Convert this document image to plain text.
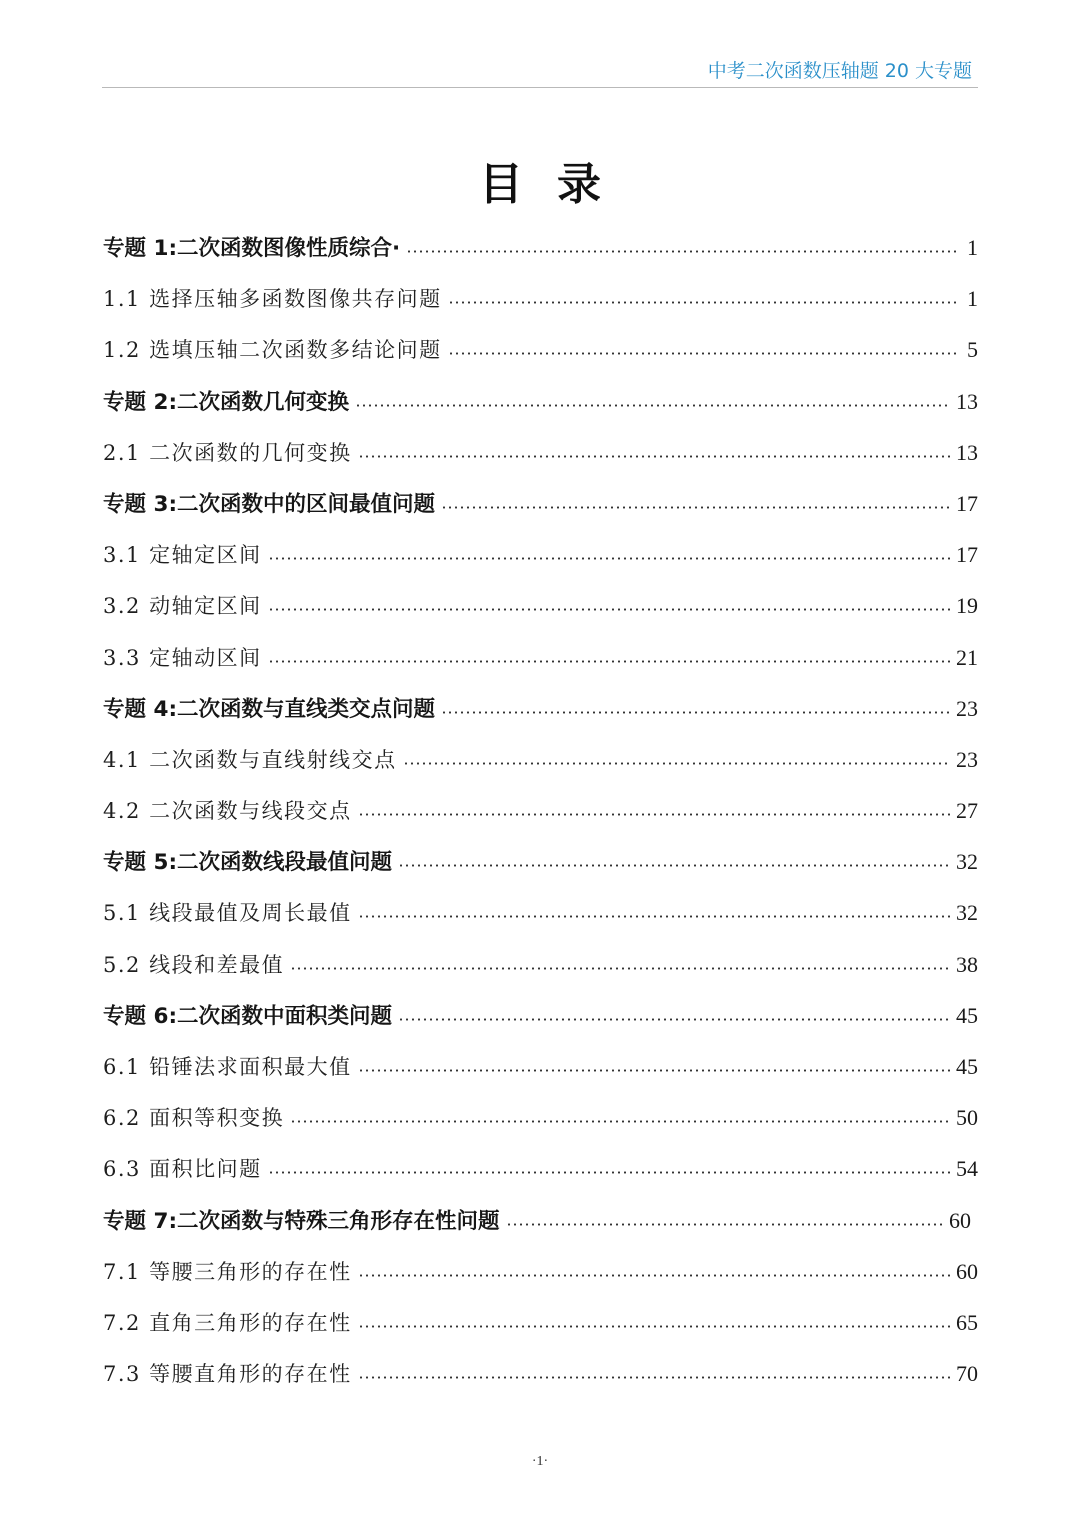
中考二次函数压轴题 20 大专题
目录
专题 1:二次函数图像性质综合·	1
1.1 选择压轴多函数图像共存问题	1
1.2 选填压轴二次函数多结论问题	5
专题 2:二次函数几何变换	13
2.1 二次函数的几何变换	13
专题 3:二次函数中的区间最值问题	17
3.1 定轴定区间	17
3.2 动轴定区间	19
3.3 定轴动区间	21
专题 4:二次函数与直线类交点问题	23
4.1 二次函数与直线射线交点	23
4.2 二次函数与线段交点	27
专题 5:二次函数线段最值问题	32
5.1 线段最值及周长最值	32
5.2 线段和差最值	38
专题 6:二次函数中面积类问题	45
6.1 铅锤法求面积最大值	45
6.2 面积等积变换	50
6.3 面积比问题	54
专题 7:二次函数与特殊三角形存在性问题	60
7.1 等腰三角形的存在性	60
7.2 直角三角形的存在性	65
7.3 等腰直角形的存在性	70
·1·
